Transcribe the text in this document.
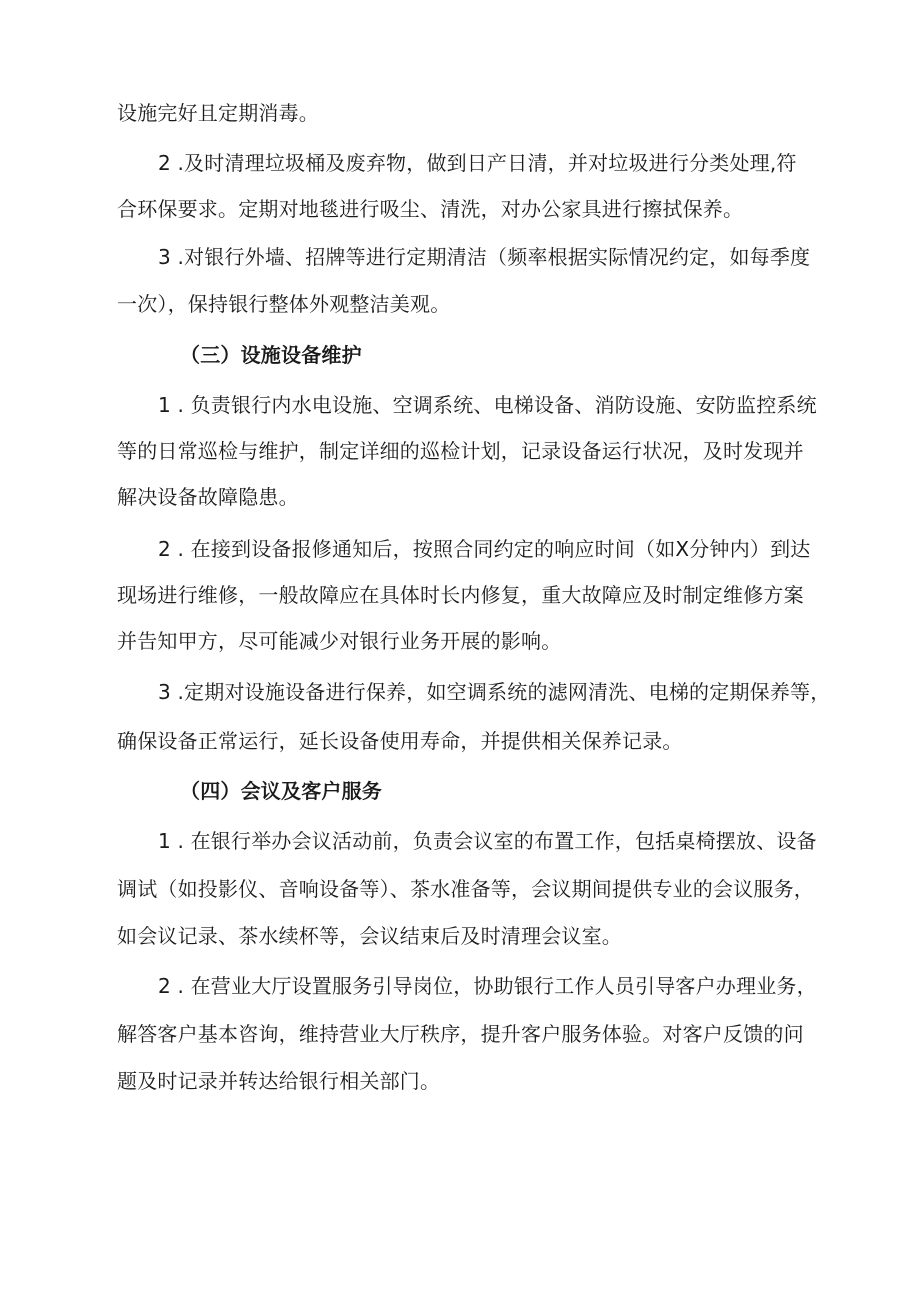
设施完好且定期消毒。
2 .及时清理垃圾桶及废弃物，做到日产日清，并对垃圾进行分类处理,符
合环保要求。定期对地毯进行吸尘、清洗，对办公家具进行擦拭保养。
3 .对银行外墙、招牌等进行定期清洁（频率根据实际情况约定，如每季度
一次），保持银行整体外观整洁美观。
（三）设施设备维护
1 . 负责银行内水电设施、空调系统、电梯设备、消防设施、安防监控系统
等的日常巡检与维护，制定详细的巡检计划，记录设备运行状况，及时发现并
解决设备故障隐患。
2 . 在接到设备报修通知后，按照合同约定的响应时间（如X分钟内）到达
现场进行维修，一般故障应在具体时长内修复，重大故障应及时制定维修方案
并告知甲方，尽可能减少对银行业务开展的影响。
3 .定期对设施设备进行保养，如空调系统的滤网清洗、电梯的定期保养等，
确保设备正常运行，延长设备使用寿命，并提供相关保养记录。
（四）会议及客户服务
1 . 在银行举办会议活动前，负责会议室的布置工作，包括桌椅摆放、设备
调试（如投影仪、音响设备等）、茶水准备等，会议期间提供专业的会议服务，
如会议记录、茶水续杯等，会议结束后及时清理会议室。
2 . 在营业大厅设置服务引导岗位，协助银行工作人员引导客户办理业务，
解答客户基本咨询，维持营业大厅秩序，提升客户服务体验。对客户反馈的问
题及时记录并转达给银行相关部门。
